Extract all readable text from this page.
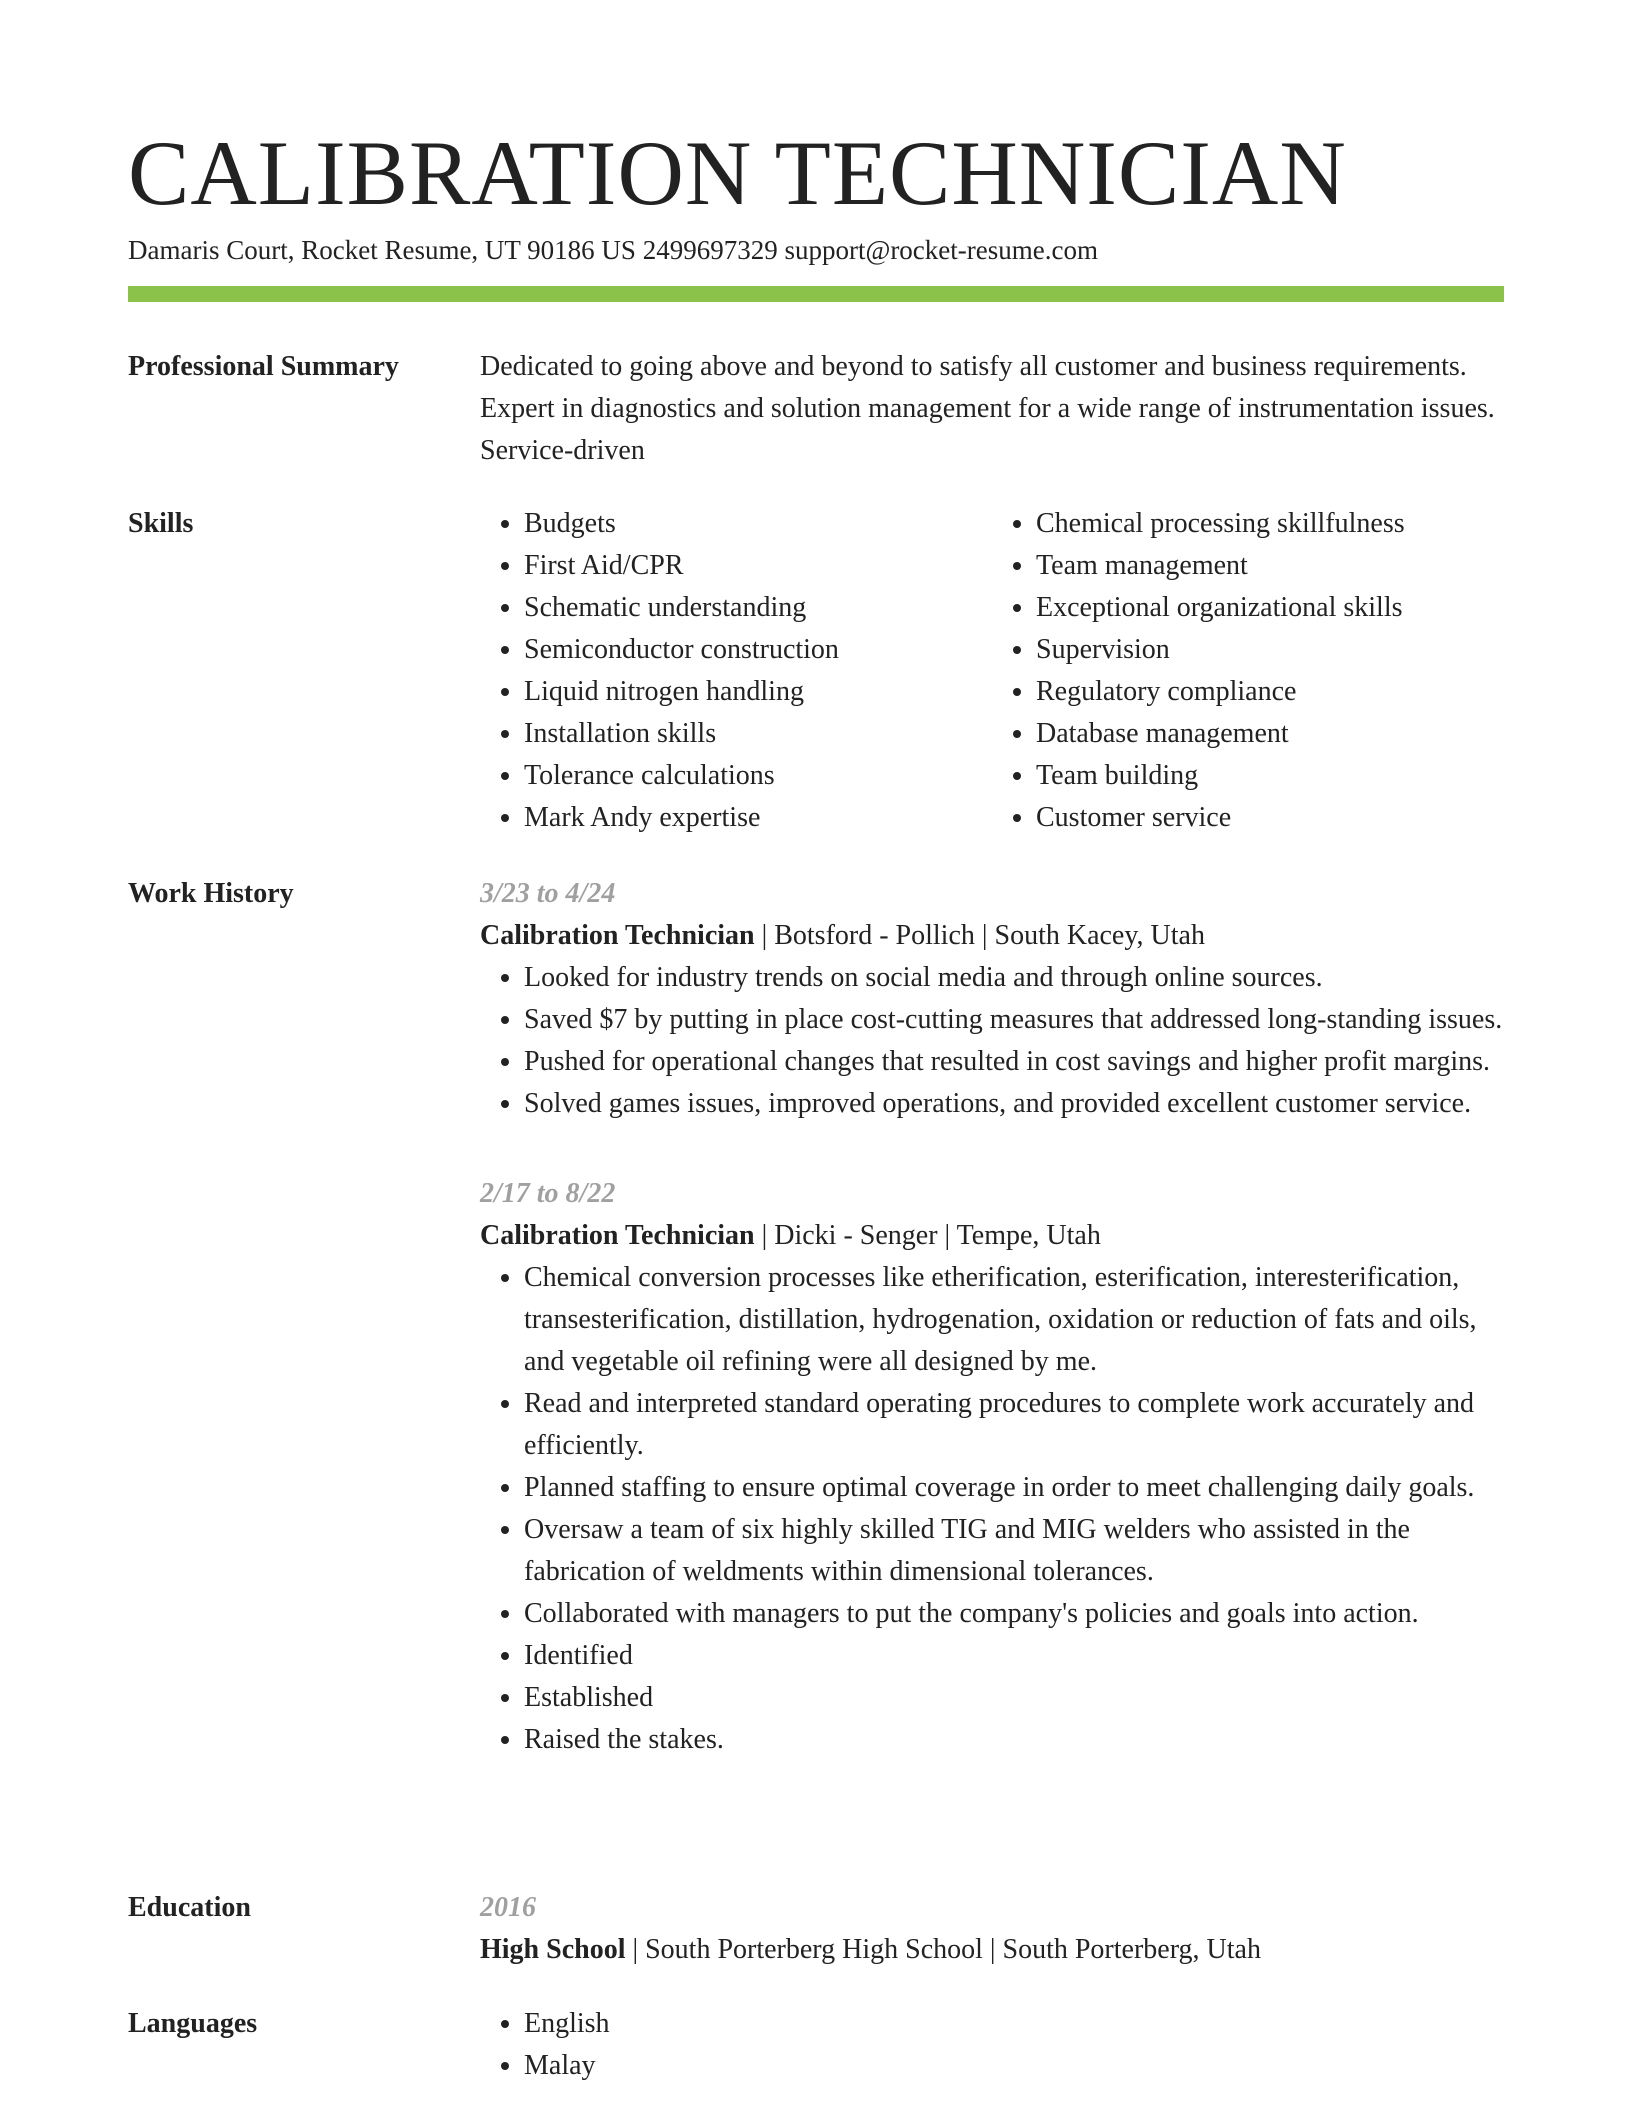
CALIBRATION TECHNICIAN
Damaris Court, Rocket Resume, UT 90186 US 2499697329 support@rocket-resume.com
Professional Summary	Dedicated to going above and beyond to satisfy all customer and business requirements. Expert in diagnostics and solution management for a wide range of instrumentation issues. Service-driven

Skills	• Budgets
• First Aid/CPR
• Schematic understanding
• Semiconductor construction
• Liquid nitrogen handling
• Installation skills
• Tolerance calculations
• Mark Andy expertise
• Chemical processing skillfulness
• Team management
• Exceptional organizational skills
• Supervision
• Regulatory compliance
• Database management
• Team building
• Customer service
Work History	3/23 to 4/24
Calibration Technician | Botsford - Pollich | South Kacey, Utah
• Looked for industry trends on social media and through online sources.
• Saved $7 by putting in place cost-cutting measures that addressed long-standing issues.
• Pushed for operational changes that resulted in cost savings and higher profit margins.
• Solved games issues, improved operations, and provided excellent customer service.
2/17 to 8/22
Calibration Technician | Dicki - Senger | Tempe, Utah
• Chemical conversion processes like etherification, esterification, interesterification, transesterification, distillation, hydrogenation, oxidation or reduction of fats and oils, and vegetable oil refining were all designed by me.
• Read and interpreted standard operating procedures to complete work accurately and efficiently.
• Planned staffing to ensure optimal coverage in order to meet challenging daily goals.
• Oversaw a team of six highly skilled TIG and MIG welders who assisted in the fabrication of weldments within dimensional tolerances.
• Collaborated with managers to put the company's policies and goals into action.
• Identified
• Established
• Raised the stakes.
Education	2016
High School | South Porterberg High School | South Porterberg, Utah
Languages	• English
• Malay
